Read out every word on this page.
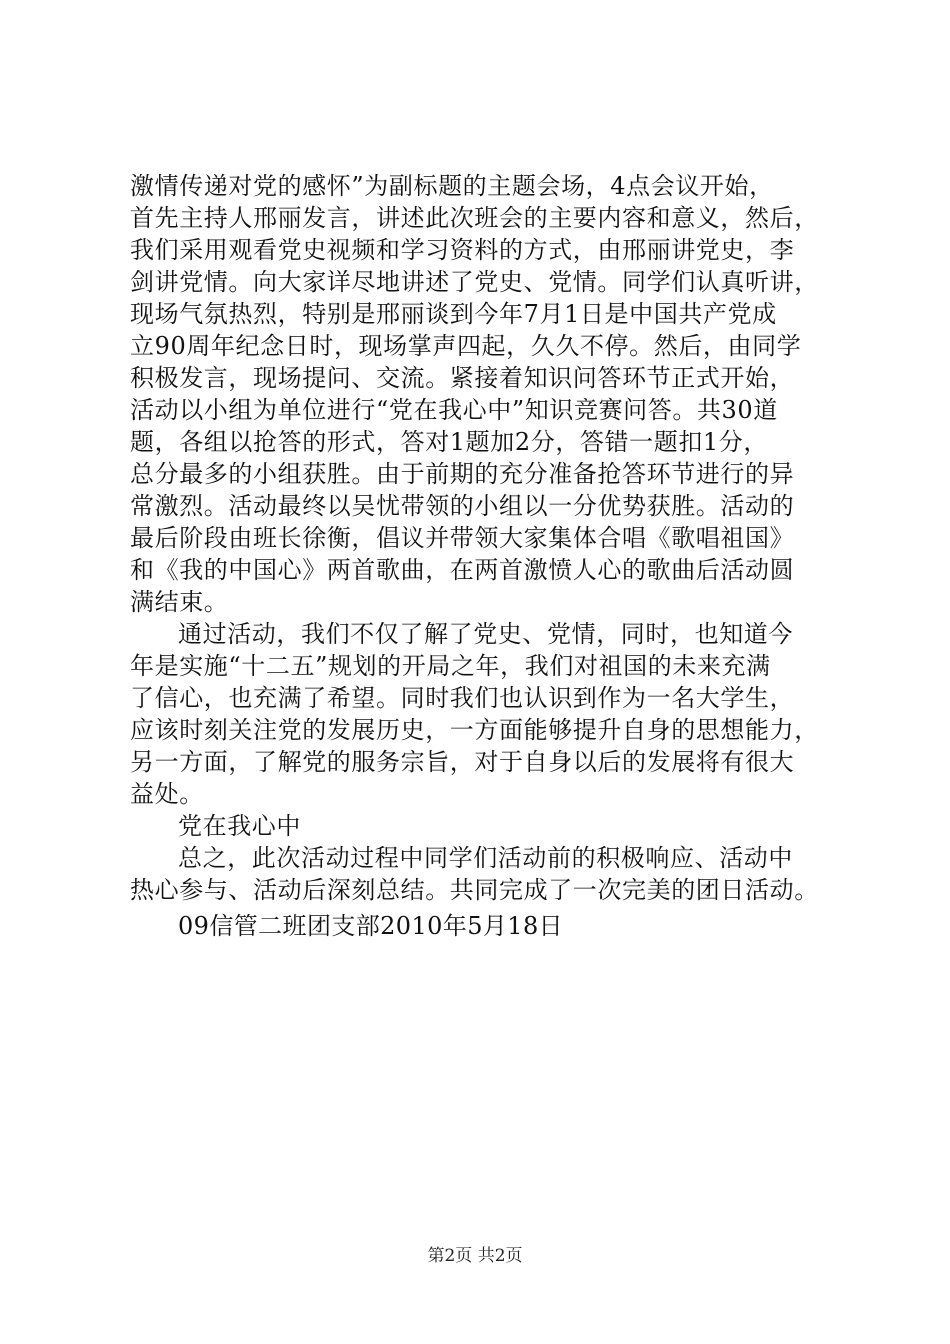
激情传递对党的感怀”为副标题的主题会场，4点会议开始，
首先主持人邢丽发言，讲述此次班会的主要内容和意义，然后，
我们采用观看党史视频和学习资料的方式，由邢丽讲党史，李
剑讲党情。向大家详尽地讲述了党史、党情。同学们认真听讲，
现场气氛热烈，特别是邢丽谈到今年7月1日是中国共产党成
立90周年纪念日时，现场掌声四起，久久不停。然后，由同学
积极发言，现场提问、交流。紧接着知识问答环节正式开始，
活动以小组为单位进行“党在我心中”知识竞赛问答。共30道
题，各组以抢答的形式，答对1题加2分，答错一题扣1分，
总分最多的小组获胜。由于前期的充分准备抢答环节进行的异
常激烈。活动最终以吴忧带领的小组以一分优势获胜。活动的
最后阶段由班长徐衡，倡议并带领大家集体合唱《歌唱祖国》
和《我的中国心》两首歌曲，在两首激愤人心的歌曲后活动圆
满结束。
通过活动，我们不仅了解了党史、党情，同时，也知道今
年是实施“十二五”规划的开局之年，我们对祖国的未来充满
了信心，也充满了希望。同时我们也认识到作为一名大学生，
应该时刻关注党的发展历史，一方面能够提升自身的思想能力，
另一方面，了解党的服务宗旨，对于自身以后的发展将有很大
益处。
党在我心中
总之，此次活动过程中同学们活动前的积极响应、活动中
热心参与、活动后深刻总结。共同完成了一次完美的团日活动。
09信管二班团支部2010年5月18日
第2页 共2页
